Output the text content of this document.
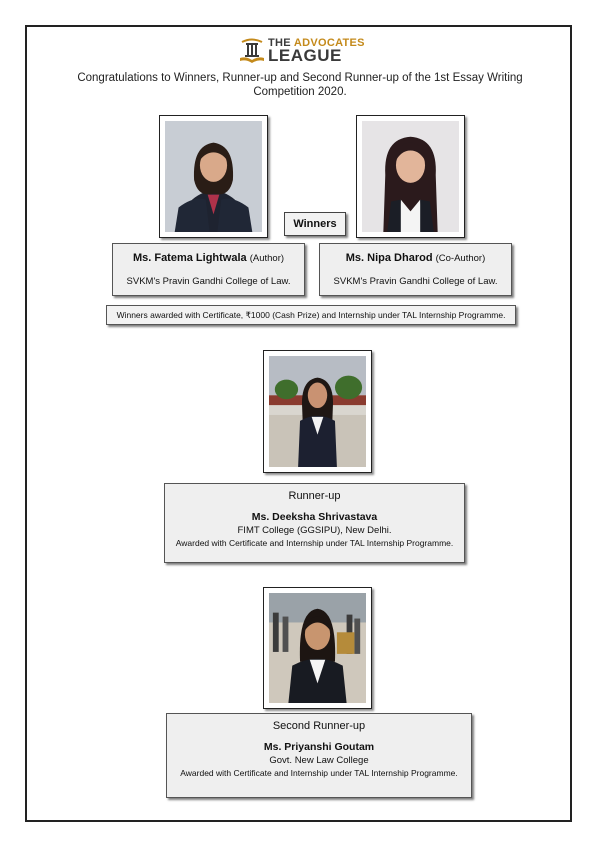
THE ADVOCATES
LEAGUE
Congratulations to Winners, Runner-up and Second Runner-up of the 1st Essay Writing Competition 2020.
Winners
Ms. Fatema Lightwala (Author)
SVKM's Pravin Gandhi College of Law.
Ms. Nipa Dharod (Co-Author)
SVKM's Pravin Gandhi College of Law.
Winners awarded with Certificate, ₹1000 (Cash Prize) and Internship under TAL Internship Programme.
Runner-up
Ms. Deeksha Shrivastava
FIMT College (GGSIPU), New Delhi.
Awarded with Certificate and Internship under TAL Internship Programme.
Second Runner-up
Ms. Priyanshi Goutam
Govt. New Law College
Awarded with Certificate and Internship under TAL Internship Programme.
